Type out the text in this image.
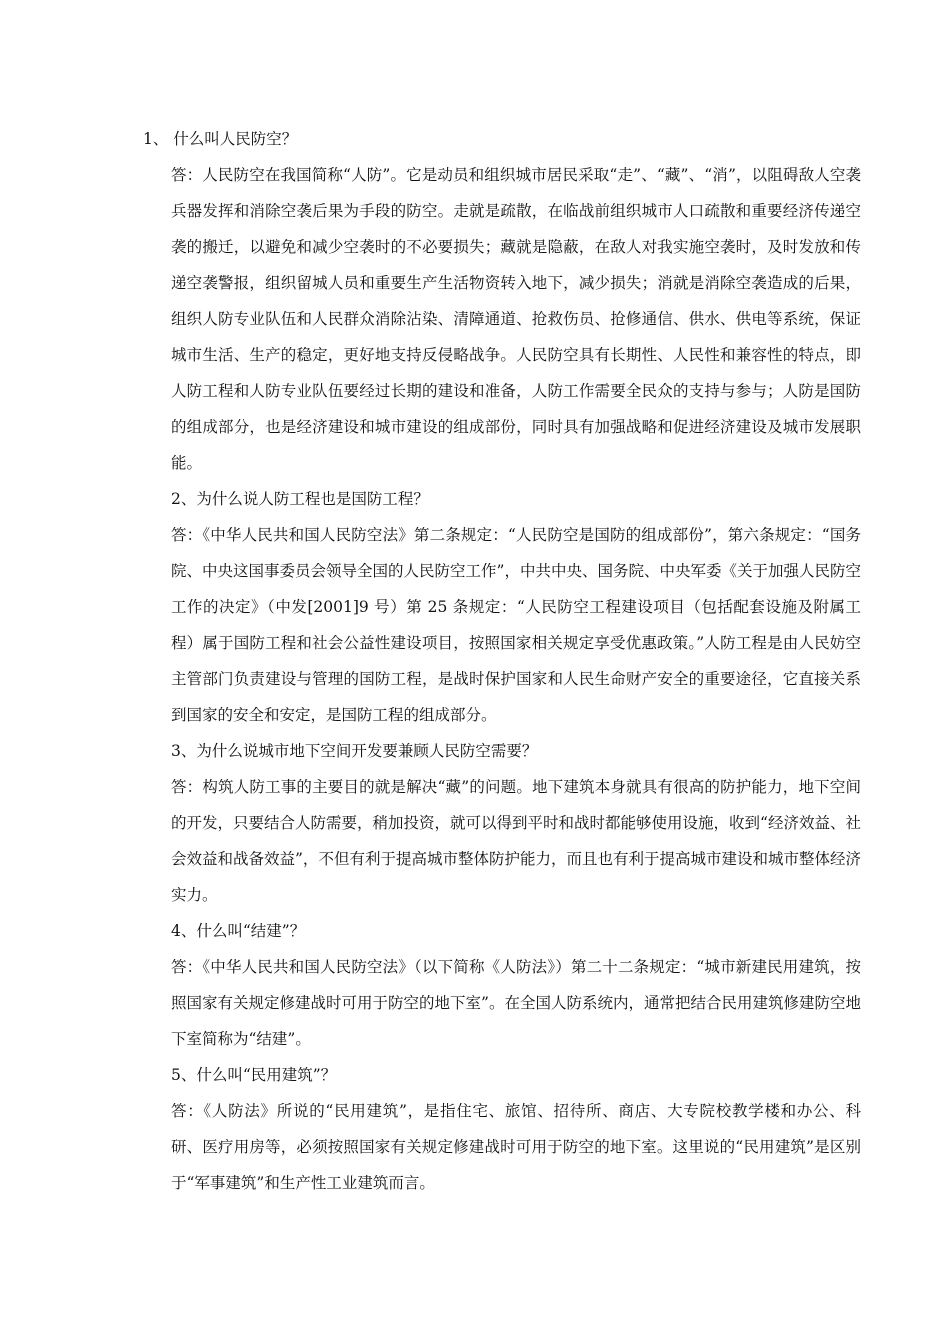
1、 什么叫人民防空？

答：人民防空在我国简称“人防”。它是动员和组织城市居民采取“走”、“藏”、“消”，以阻碍敌人空袭兵器发挥和消除空袭后果为手段的防空。走就是疏散，在临战前组织城市人口疏散和重要经济传递空袭的搬迁，以避免和减少空袭时的不必要损失；藏就是隐蔽，在敌人对我实施空袭时，及时发放和传递空袭警报，组织留城人员和重要生产生活物资转入地下，减少损失；消就是消除空袭造成的后果，组织人防专业队伍和人民群众消除沾染、清障通道、抢救伤员、抢修通信、供水、供电等系统，保证城市生活、生产的稳定，更好地支持反侵略战争。人民防空具有长期性、人民性和兼容性的特点，即人防工程和人防专业队伍要经过长期的建设和准备，人防工作需要全民众的支持与参与；人防是国防的组成部分，也是经济建设和城市建设的组成部份，同时具有加强战略和促进经济建设及城市发展职能。

2、为什么说人防工程也是国防工程？

答：《中华人民共和国人民防空法》第二条规定：“人民防空是国防的组成部份”，第六条规定：“国务院、中央这国事委员会领导全国的人民防空工作”，中共中央、国务院、中央军委《关于加强人民防空工作的决定》（中发[2001]9 号）第 25 条规定：“人民防空工程建设项目（包括配套设施及附属工程）属于国防工程和社会公益性建设项目，按照国家相关规定享受优惠政策。”人防工程是由人民妨空主管部门负责建设与管理的国防工程，是战时保护国家和人民生命财产安全的重要途径，它直接关系到国家的安全和安定，是国防工程的组成部分。

3、为什么说城市地下空间开发要兼顾人民防空需要？

答：构筑人防工事的主要目的就是解决“藏”的问题。地下建筑本身就具有很高的防护能力，地下空间的开发，只要结合人防需要，稍加投资，就可以得到平时和战时都能够使用设施，收到“经济效益、社会效益和战备效益”，不但有利于提高城市整体防护能力，而且也有利于提高城市建设和城市整体经济实力。

4、什么叫“结建”？

答：《中华人民共和国人民防空法》（以下简称《人防法》）第二十二条规定：“城市新建民用建筑，按照国家有关规定修建战时可用于防空的地下室”。在全国人防系统内，通常把结合民用建筑修建防空地下室简称为“结建”。

5、什么叫“民用建筑”？

答：《人防法》所说的“民用建筑”，是指住宅、旅馆、招待所、商店、大专院校教学楼和办公、科研、医疗用房等，必须按照国家有关规定修建战时可用于防空的地下室。这里说的“民用建筑”是区别于“军事建筑”和生产性工业建筑而言。
